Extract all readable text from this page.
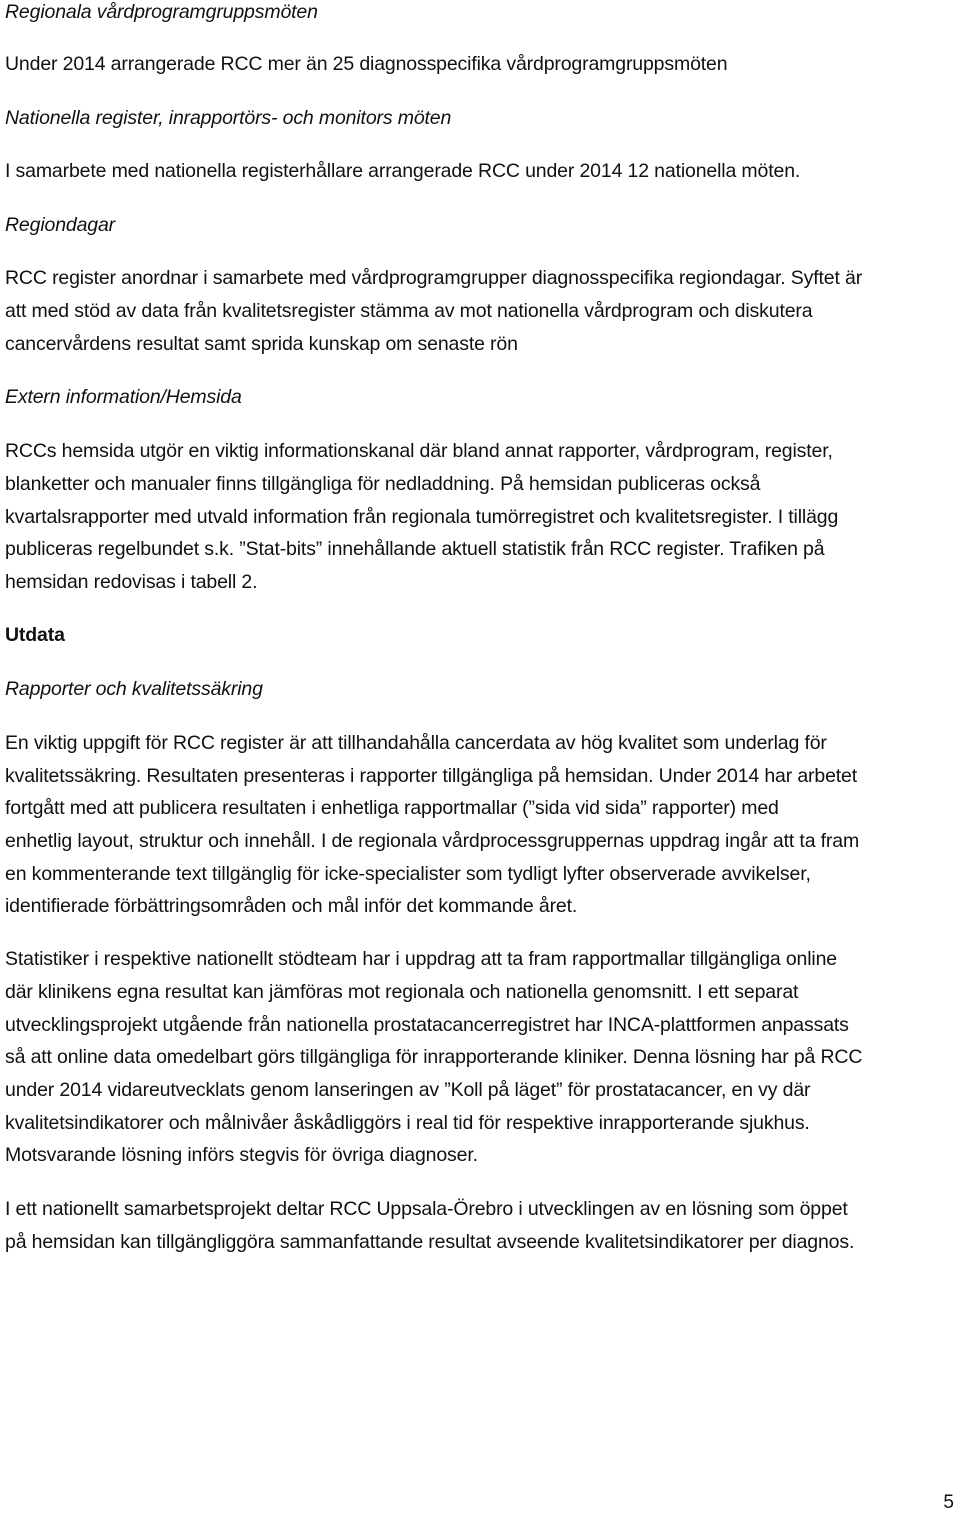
Regionala vårdprogramgruppsmöten
Under 2014 arrangerade RCC mer än 25 diagnosspecifika vårdprogramgruppsmöten
Nationella register, inrapportörs- och monitors möten
I samarbete med nationella registerhållare arrangerade RCC under 2014 12 nationella möten.
Regiondagar
RCC register anordnar i samarbete med vårdprogramgrupper diagnosspecifika regiondagar. Syftet är
att med stöd av data från kvalitetsregister stämma av mot nationella vårdprogram och diskutera
cancervårdens resultat samt sprida kunskap om senaste rön
Extern information/Hemsida
RCCs hemsida utgör en viktig informationskanal där bland annat rapporter, vårdprogram, register,
blanketter och manualer finns tillgängliga för nedladdning. På hemsidan publiceras också
kvartalsrapporter med utvald information från regionala tumörregistret och kvalitetsregister. I tillägg
publiceras regelbundet s.k. ”Stat-bits” innehållande aktuell statistik från RCC register. Trafiken på
hemsidan redovisas i tabell 2.
Utdata
Rapporter och kvalitetssäkring
En viktig uppgift för RCC register är att tillhandahålla cancerdata av hög kvalitet som underlag för
kvalitetssäkring. Resultaten presenteras i rapporter tillgängliga på hemsidan. Under 2014 har arbetet
fortgått med att publicera resultaten i enhetliga rapportmallar (”sida vid sida” rapporter) med
enhetlig layout, struktur och innehåll. I de regionala vårdprocessgruppernas uppdrag ingår att ta fram
en kommenterande text tillgänglig för icke-specialister som tydligt lyfter observerade avvikelser,
identifierade förbättringsområden och mål inför det kommande året.
Statistiker i respektive nationellt stödteam har i uppdrag att ta fram rapportmallar tillgängliga online
där klinikens egna resultat kan jämföras mot regionala och nationella genomsnitt. I ett separat
utvecklingsprojekt utgående från nationella prostatacancerregistret har INCA-plattformen anpassats
så att online data omedelbart görs tillgängliga för inrapporterande kliniker. Denna lösning har på RCC
under 2014 vidareutvecklats genom lanseringen av ”Koll på läget” för prostatacancer, en vy där
kvalitetsindikatorer och målnivåer åskådliggörs i real tid för respektive inrapporterande sjukhus.
Motsvarande lösning införs stegvis för övriga diagnoser.
I ett nationellt samarbetsprojekt deltar RCC Uppsala-Örebro i utvecklingen av en lösning som öppet
på hemsidan kan tillgängliggöra sammanfattande resultat avseende kvalitetsindikatorer per diagnos.
5
